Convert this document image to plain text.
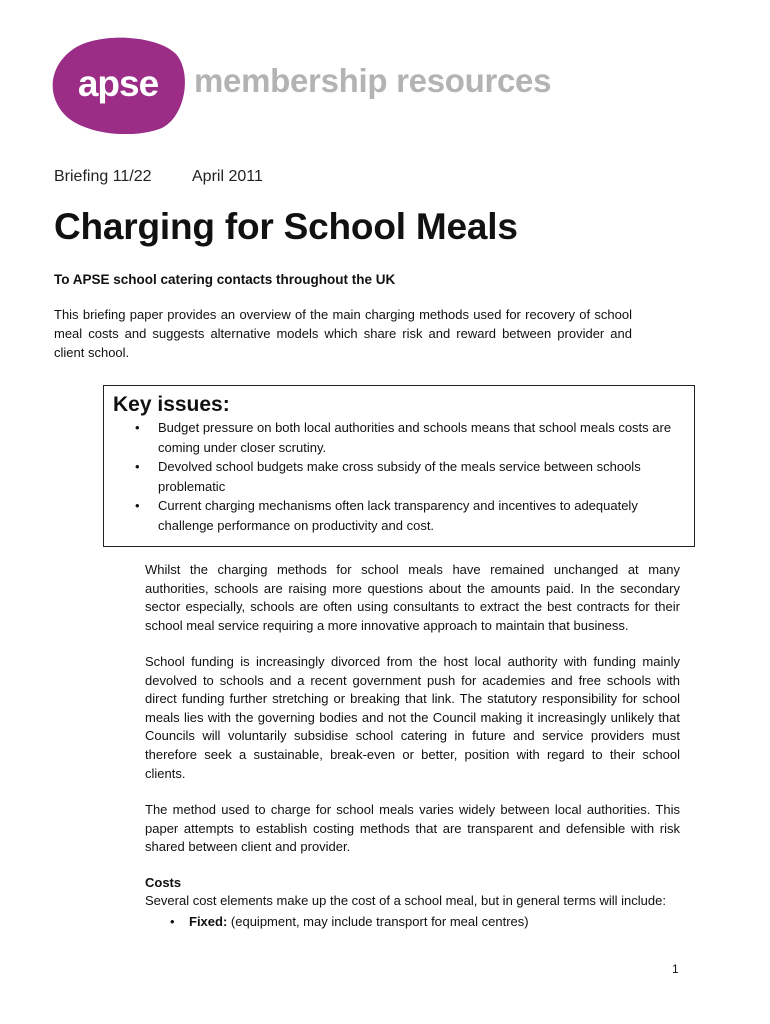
apse membership resources
Briefing 11/22	April 2011
Charging for School Meals
To APSE school catering contacts throughout the UK

This briefing paper provides an overview of the main charging methods used for recovery of school meal costs and suggests alternative models which share risk and reward between provider and client school.

Key issues:
• Budget pressure on both local authorities and schools means that school meals costs are coming under closer scrutiny.
• Devolved school budgets make cross subsidy of the meals service between schools problematic
• Current charging mechanisms often lack transparency and incentives to adequately challenge performance on productivity and cost.

Whilst the charging methods for school meals have remained unchanged at many authorities, schools are raising more questions about the amounts paid. In the secondary sector especially, schools are often using consultants to extract the best contracts for their school meal service requiring a more innovative approach to maintain that business.

School funding is increasingly divorced from the host local authority with funding mainly devolved to schools and a recent government push for academies and free schools with direct funding further stretching or breaking that link. The statutory responsibility for school meals lies with the governing bodies and not the Council making it increasingly unlikely that Councils will voluntarily subsidise school catering in future and service providers must therefore seek a sustainable, break-even or better, position with regard to their school clients.

The method used to charge for school meals varies widely between local authorities. This paper attempts to establish costing methods that are transparent and defensible with risk shared between client and provider.

Costs

Several cost elements make up the cost of a school meal, but in general terms will include:

• Fixed: (equipment, may include transport for meal centres)
1
